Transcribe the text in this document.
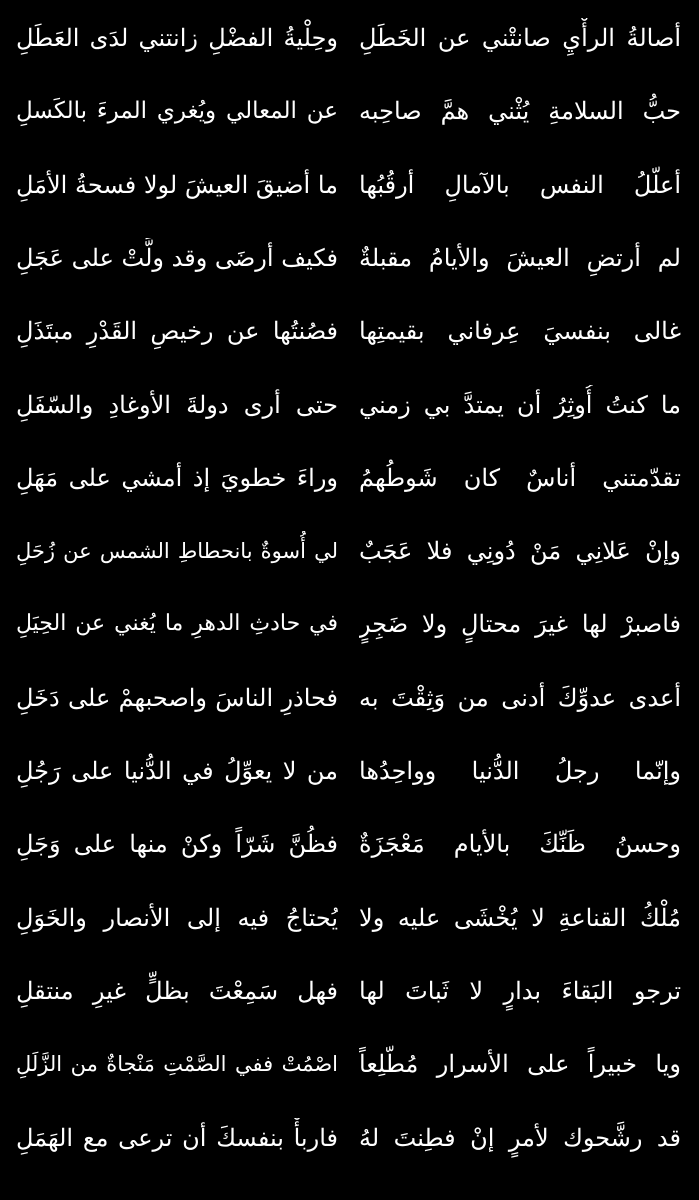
أصالةُ الرأْيِ صانتْني عن الخَطَلِ
وحِلْيةُ الفضْلِ زانتني لدَى العَطَلِ
حبُّ السلامةِ يُثْني همَّ صاحِبه
عن المعالي ويُغري المرءَ بالكَسلِ
أعلّلُ النفس بالآمالِ أرقُبُها
ما أضيقَ العيشَ لولا فسحةُ الأمَلِ
لم أرتضِ العيشَ والأيامُ مقبلةٌ
فكيف أرضَى وقد ولَّتْ على عَجَلِ
غالى بنفسيَ عِرفاني بقيمتِها
فصُنتُها عن رخيصِ القَدْرِ مبتَذَلِ
ما كنتُ أُوثِرُ أن يمتدَّ بي زمني
حتى أرى دولةَ الأوغادِ والسّفَلِ
تقدّمتني أناسٌ كان شَوطُهمُ
وراءَ خطويَ إذ أمشي على مَهَلِ
وإنْ عَلانِي مَنْ دُونِي فلا عَجَبٌ
لي أُسوةٌ بانحطاطِ الشمس عن زُحَلِ
فاصبرْ لها غيرَ محتالٍ ولا ضَجِرٍ
في حادثِ الدهرِ ما يُغني عن الحِيَلِ
أعدى عدوِّكَ أدنى من وَثِقْتَ به
فحاذرِ الناسَ واصحبهمْ على دَخَلِ
وإنّما رجلُ الدُّنيا وواحِدُها
من لا يعوِّلُ في الدُّنيا على رَجُلِ
وحسنُ ظَنِّكَ بالأيام مَعْجَزَةٌ
فظُنَّ شَرّاً وكنْ منها على وَجَلِ
مُلْكُ القناعةِ لا يُخْشَى عليه ولا
يُحتاجُ فيه إلى الأنصار والخَوَلِ
ترجو البَقاءَ بدارٍ لا ثَباتَ لها
فهل سَمِعْتَ بظلٍّ غيرِ منتقلِ
ويا خبيراً على الأسرار مُطّلِعاً
اصْمُتْ ففي الصَّمْتِ مَنْجاةٌ من الزَّلَلِ
قد رشَّحوك لأمرٍ إنْ فطِنتَ لهُ
فاربأْ بنفسكَ أن ترعى مع الهَمَلِ
